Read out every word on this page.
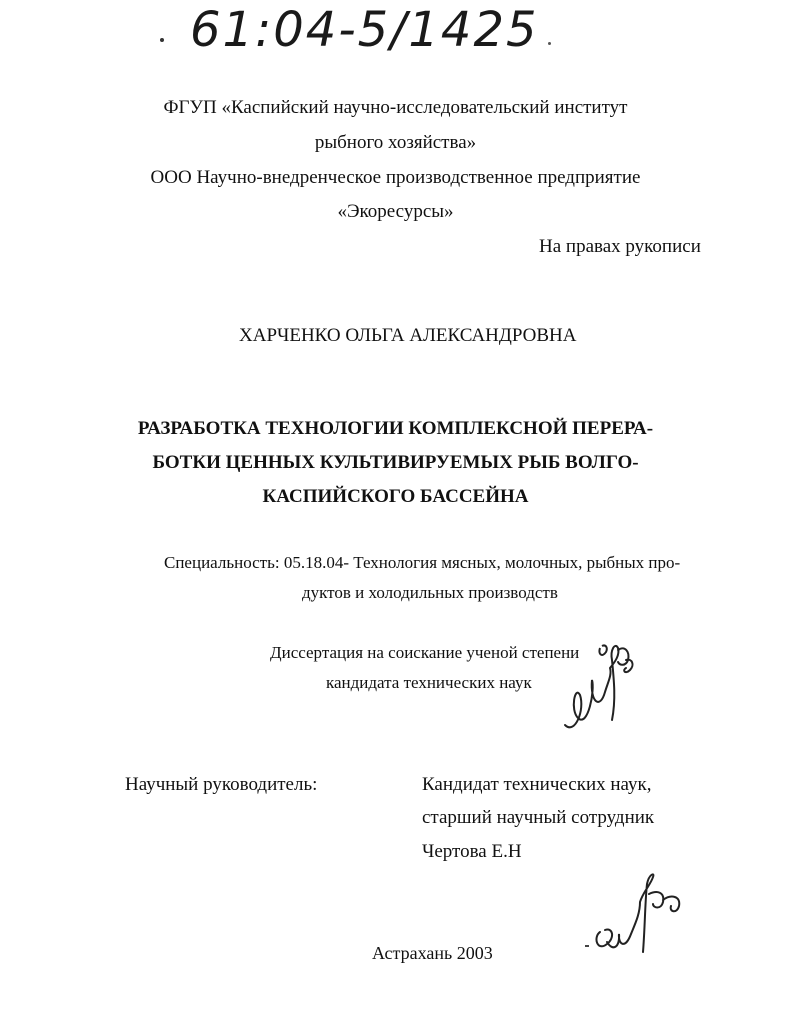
61:04-5/1425
ФГУП «Каспийский научно-исследовательский институт
рыбного хозяйства»
ООО Научно-внедренческое производственное предприятие
«Экоресурсы»
На правах рукописи
ХАРЧЕНКО ОЛЬГА АЛЕКСАНДРОВНА
РАЗРАБОТКА ТЕХНОЛОГИИ КОМПЛЕКСНОЙ ПЕРЕРА-
БОТКИ ЦЕННЫХ КУЛЬТИВИРУЕМЫХ РЫБ ВОЛГО-
КАСПИЙСКОГО БАССЕЙНА
Специальность: 05.18.04- Технология мясных, молочных, рыбных про-
дуктов и холодильных производств
Диссертация на соискание ученой степени
кандидата технических наук
Научный руководитель:	Кандидат технических наук,
старший научный сотрудник
Чертова Е.Н
Астрахань 2003
